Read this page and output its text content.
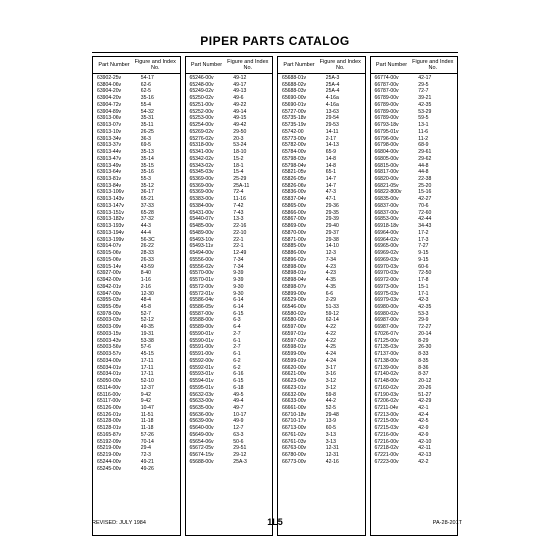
PIPER PARTS CATALOG
Part Number Figure and Index No.
63902-25v	54-17
63804-06v	62-6
63904-20v	62-5
63904-20v	35-16
63904-72v	55-4
63904-89v	54-32
63913-06v	35-31
63913-07v	35-11
63913-10v	26-25
63913-34v	36-3
63913-37v	69-5
63913-44v	35-13
63913-47v	35-14
63913-49v	35-15
63913-64v	35-16
63913-81v	55-3
63913-84v	35-12
63913-106v	36-17
63913-143v	65-21
63913-147v	37-33
63913-151v	65-28
63913-182v	37-32
63913-193v	44-3
63913-194v	44-4
63913-199v	56-3C
63914-07v	26-22
63915-06v	28-33
63915-06v	26-33
63915-14v	43-59
63927-00v	8-40
63942-00v	1-16
63942-01v	2-16
63947-00v	12-30
63955-03v	48-4
63955-05v	45-8
63978-00v	52-7
65003-03v	52-12
65003-09v	49-35
65003-15v	19-31
65003-43v	53-38
65003-56v	57-6
65003-57v	45-15
65034-00v	17-11
65034-01v	17-11
65034-01v	17-11
65050-00v	52-10
65114-00v	12-37
65116-00v	9-42
65117-00v	9-42
65126-00v	10-47
65126-01v	11-51
65128-00v	11-18
65128-01v	11-18
65165-87v	57-26
65192-09v	70-14
65219-00v	29-4
65219-00v	72-3
65244-00v	49-21
65245-00v	49-26
Part Number Figure and Index No.
65246-00v	49-12
65248-00v	49-17
65249-02v	49-13
65250-02v	49-6
65251-00v	49-22
65252-00v	49-14
65253-00v	49-15
65254-00v	49-42
65269-02v	29-50
65276-02v	20-3
65318-00v	53-24
65341-00v	18-10
65342-02v	15-2
65343-02v	18-1
65345-03v	15-4
65369-00v	25-29
65369-00v	25A-11
65369-00v	72-4
65383-00v	11-16
65384-00v	7-42
65431-00v	7-43
65440-07v	13-3
65485-00v	22-16
65489-00v	22-10
65493-10v	22-1
65493-11v	22-1
65494-00v	12-49
65556-00v	7-34
65556-02v	7-34
65570-00v	9-39
65570-01v	9-39
65572-00v	9-30
65572-01v	9-30
65586-04v	6-14
65586-05v	6-14
65587-00v	6-15
65588-00v	6-3
65589-00v	6-4
65590-01v	2-7
65590-01v	6-1
65591-00v	2-7
65591-00v	6-1
65592-00v	6-2
65592-01v	6-2
65593-01v	6-16
65594-01v	6-15
65595-01v	6-18
65632-03v	49-5
65633-00v	49-4
65635-00v	49-7
65636-00v	10-17
65639-00v	49-9
65640-00v	12-7
65649-00v	63-3
65654-06v	50-6
65672-05v	29-51
65674-15v	29-12
65688-00v	25A-3
Part Number Figure and Index No.
65688-01v	25A-3
65688-02v	25A-4
65688-03v	25A-4
65690-00v	4-16a
65690-01v	4-16a
65727-00v	13-63
65735-18v	29-54
65735-19v	29-53
65742-00	14-11
65773-00v	2-17
65782-00v	14-13
65784-00v	65-9
65798-03v	14-8
65798-04v	14-8
65821-05v	65-1
65826-05v	14-7
65826-06v	14-7
65836-00v	47-3
65837-04v	47-1
65865-00v	29-36
65866-00v	29-35
65867-00v	29-39
65869-00v	29-40
65870-00v	29-37
65871-00v	29-38
65885-00v	14-10
65886-00v	12-3
65896-02v	7-34
65898-00v	4-23
65898-01v	4-23
65898-04v	4-35
65898-07v	4-35
65899-00v	6-6
66529-00v	2-29
66546-00v	51-33
66580-02v	59-12
66580-02v	62-14
66597-00v	4-22
66597-01v	4-22
66597-02v	4-22
66598-01v	4-25
66599-00v	4-24
66599-01v	4-24
66620-00v	3-17
66621-00v	3-16
66623-00v	3-12
66623-01v	3-12
66632-00v	59-8
66633-00v	44-2
66661-00v	52-5
66710-18v	29-48
66710-17v	13-9
66713-00v	60-5
66761-02v	3-13
66761-03v	3-13
66763-00v	12-31
66780-00v	12-31
66773-00v	42-16
Part Number Figure and Index No.
66774-00v	42-17
66787-00v	29-5
66787-00v	72-7
66789-00v	39-21
66789-00v	42-35
66789-00v	53-29
66789-00v	59-5
66793-18v	13-1
66795-01v	11-6
66796-00v	11-2
66798-00v	68-9
66804-00v	29-61
66805-00v	29-62
66815-00v	44-8
66817-00v	44-8
66820-00v	22-38
66821-05v	25-20
66822-800v	15-16
66835-00v	42-27
66837-00v	70-6
66837-00v	72-60
66853-00v	42-44
66918-18v	34-43
66964-00v	17-2
66964-02v	17-3
66965-00v	7-27
66969-02v	9-15
66969-03v	9-15
66970-03v	60-6
66970-03v	72-50
66972-00v	17-8
66973-00v	15-1
66975-03v	17-1
66979-03v	42-3
66980-00v	42-35
66980-02v	53-3
66987-00v	29-9
66987-00v	72-27
67026-07v	20-14
67125-00v	8-29
67135-03v	26-30
67137-00v	8-33
67138-00v	8-35
67139-00v	8-36
67140-02v	8-37
67148-00v	20-12
67160-02v	20-26
67190-03v	51-27
67206-02v	42-29
67211-04v	42-1
67213-00v	42-4
67215-00v	42-5
67215-03v	42-9
67216-00v	42-9
67216-00v	42-10
67218-02v	42-11
67221-00v	42-13
67223-00v	42-2
REVISED: JULY 1984	1L5	PA-28-201T
